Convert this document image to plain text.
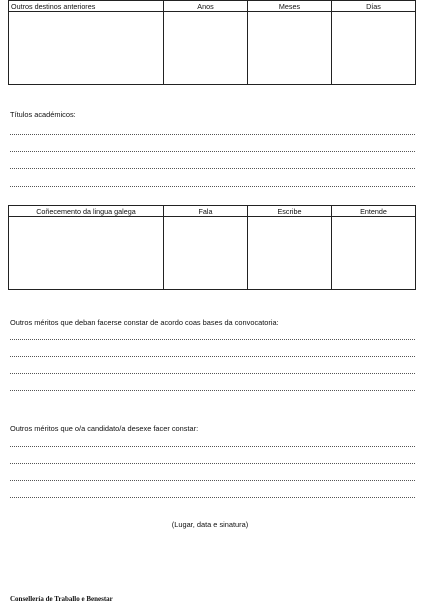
Outros destinos anteriores	Anos	Meses	Días

Títulos académicos:
Coñecemento da lingua galega	Fala	Escribe	Entende

Outros méritos que deban facerse constar de acordo coas bases da convocatoria:
Outros méritos que o/a candidato/a desexe facer constar:
(Lugar, data e sinatura)
Consellería de Traballo e Benestar
